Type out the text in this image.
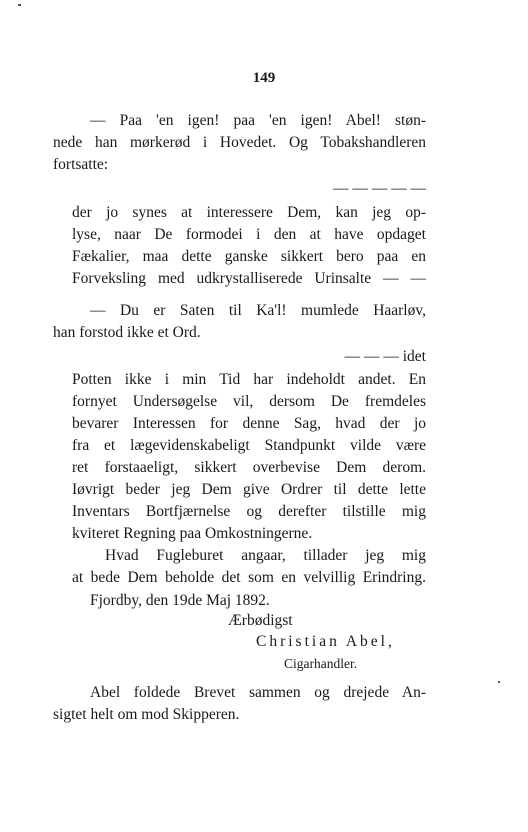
149
— Paa 'en igen! paa 'en igen! Abel! støn-
nede han mørkerød i Hovedet. Og Tobakshandleren
fortsatte:
— — — — —
der jo synes at interessere Dem, kan jeg op-
lyse, naar De formodei i den at have opdaget
Fækalier, maa dette ganske sikkert bero paa en
Forveksling med udkrystalliserede Urinsalte — —
— Du er Saten til Ka'l! mumlede Haarløv,
han forstod ikke et Ord.
— — — idet
Potten ikke i min Tid har indeholdt andet. En
fornyet Undersøgelse vil, dersom De fremdeles
bevarer Interessen for denne Sag, hvad der jo
fra et lægevidenskabeligt Standpunkt vilde være
ret forstaaeligt, sikkert overbevise Dem derom.
Iøvrigt beder jeg Dem give Ordrer til dette lette
Inventars Bortfjærnelse og derefter tilstille mig
kviteret Regning paa Omkostningerne.
Hvad Fugleburet angaar, tillader jeg mig
at bede Dem beholde det som en velvillig Erindring.
Fjordby, den 19de Maj 1892.
Ærbødigst
Christian Abel,
Cigarhandler.
Abel foldede Brevet sammen og drejede An-
sigtet helt om mod Skipperen.
